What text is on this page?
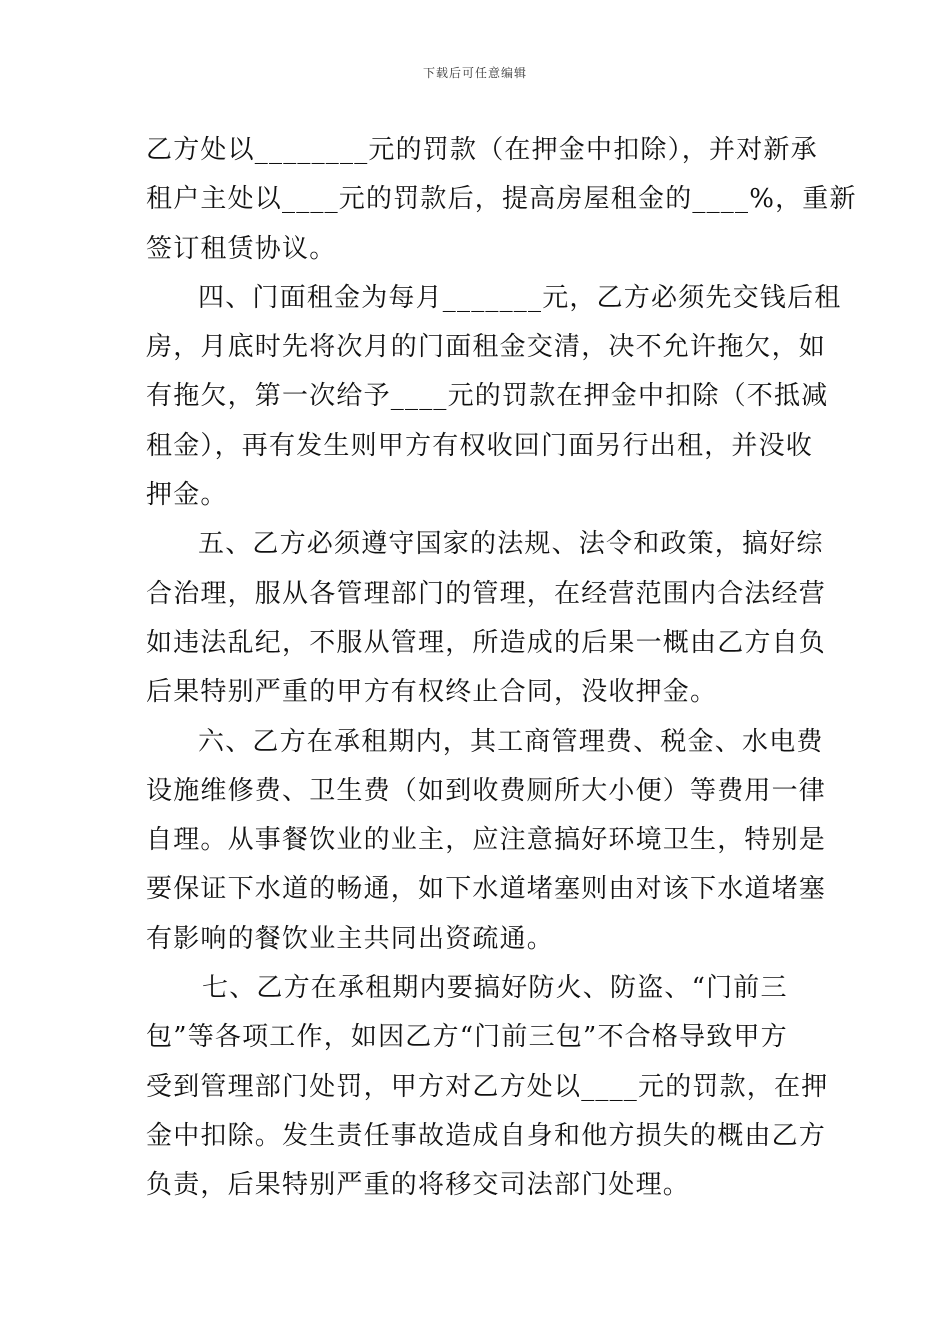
下载后可任意编辑

乙方处以________元的罚款（在押金中扣除），并对新承
租户主处以____元的罚款后，提高房屋租金的____%，重新
签订租赁协议。

四、门面租金为每月_______元，乙方必须先交钱后租
房，月底时先将次月的门面租金交清，决不允许拖欠，如
有拖欠，第一次给予____元的罚款在押金中扣除（不抵减
租金），再有发生则甲方有权收回门面另行出租，并没收
押金。

五、乙方必须遵守国家的法规、法令和政策，搞好综
合治理，服从各管理部门的管理，在经营范围内合法经营
如违法乱纪，不服从管理，所造成的后果一概由乙方自负
后果特别严重的甲方有权终止合同，没收押金。

六、乙方在承租期内，其工商管理费、税金、水电费
设施维修费、卫生费（如到收费厕所大小便）等费用一律
自理。从事餐饮业的业主，应注意搞好环境卫生，特别是
要保证下水道的畅通，如下水道堵塞则由对该下水道堵塞
有影响的餐饮业主共同出资疏通。

七、乙方在承租期内要搞好防火、防盗、“门前三
包”等各项工作，如因乙方“门前三包”不合格导致甲方
受到管理部门处罚，甲方对乙方处以____元的罚款，在押
金中扣除。发生责任事故造成自身和他方损失的概由乙方
负责，后果特别严重的将移交司法部门处理。
